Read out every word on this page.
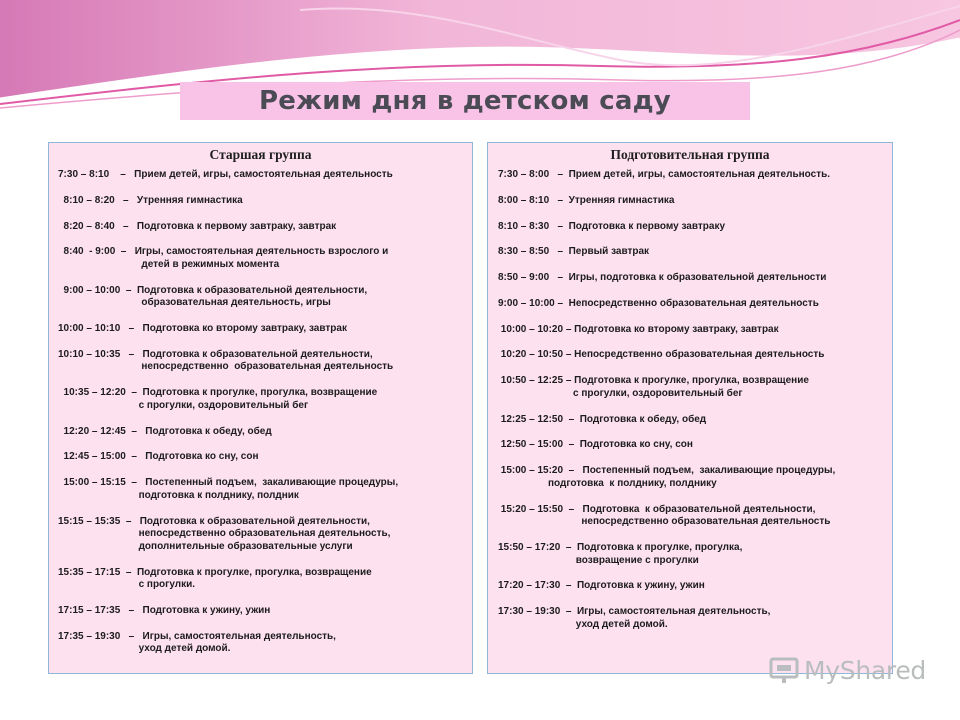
Режим дня в детском саду
Старшая группа
7:30 – 8:10    –   Прием детей, игры, самостоятельная деятельность
8:10 – 8:20   –   Утренняя гимнастика
8:20 – 8:40   –   Подготовка к первому завтраку, завтрак
8:40  - 9:00  –   Игры, самостоятельная деятельность взрослого и
детей в режимных момента
9:00 – 10:00  –  Подготовка к образовательной деятельности,
образовательная деятельность, игры
10:00 – 10:10   –   Подготовка ко второму завтраку, завтрак
10:10 – 10:35   –   Подготовка к образовательной деятельности,
непосредственно  образовательная деятельность
10:35 – 12:20  –  Подготовка к прогулке, прогулка, возвращение
с прогулки, оздоровительный бег
12:20 – 12:45  –   Подготовка к обеду, обед
12:45 – 15:00  –   Подготовка ко сну, сон
15:00 – 15:15  –   Постепенный подъем,  закаливающие процедуры,
подготовка к полднику, полдник
15:15 – 15:35  –   Подготовка к образовательной деятельности,
непосредственно образовательная деятельность,
дополнительные образовательные услуги
15:35 – 17:15  –  Подготовка к прогулке, прогулка, возвращение
с прогулки.
17:15 – 17:35   –   Подготовка к ужину, ужин
17:35 – 19:30   –   Игры, самостоятельная деятельность,
уход детей домой.
Подготовительная группа
7:30 – 8:00   –  Прием детей, игры, самостоятельная деятельность.
8:00 – 8:10   –  Утренняя гимнастика
8:10 – 8:30   –  Подготовка к первому завтраку
8:30 – 8:50   –  Первый завтрак
8:50 – 9:00   –  Игры, подготовка к образовательной деятельности
9:00 – 10:00 –  Непосредственно образовательная деятельность
10:00 – 10:20 – Подготовка ко второму завтраку, завтрак
10:20 – 10:50 – Непосредственно образовательная деятельность
10:50 – 12:25 – Подготовка к прогулке, прогулка, возвращение
с прогулки, оздоровительный бег
12:25 – 12:50  –  Подготовка к обеду, обед
12:50 – 15:00  –  Подготовка ко сну, сон
15:00 – 15:20  –   Постепенный подъем,  закаливающие процедуры,
подготовка  к полднику, полднику
15:20 – 15:50  –   Подготовка  к образовательной деятельности,
непосредственно образовательная деятельность
15:50 – 17:20  –  Подготовка к прогулке, прогулка,
возвращение с прогулки
17:20 – 17:30  –  Подготовка к ужину, ужин
17:30 – 19:30  –  Игры, самостоятельная деятельность,
уход детей домой.
MyShared
